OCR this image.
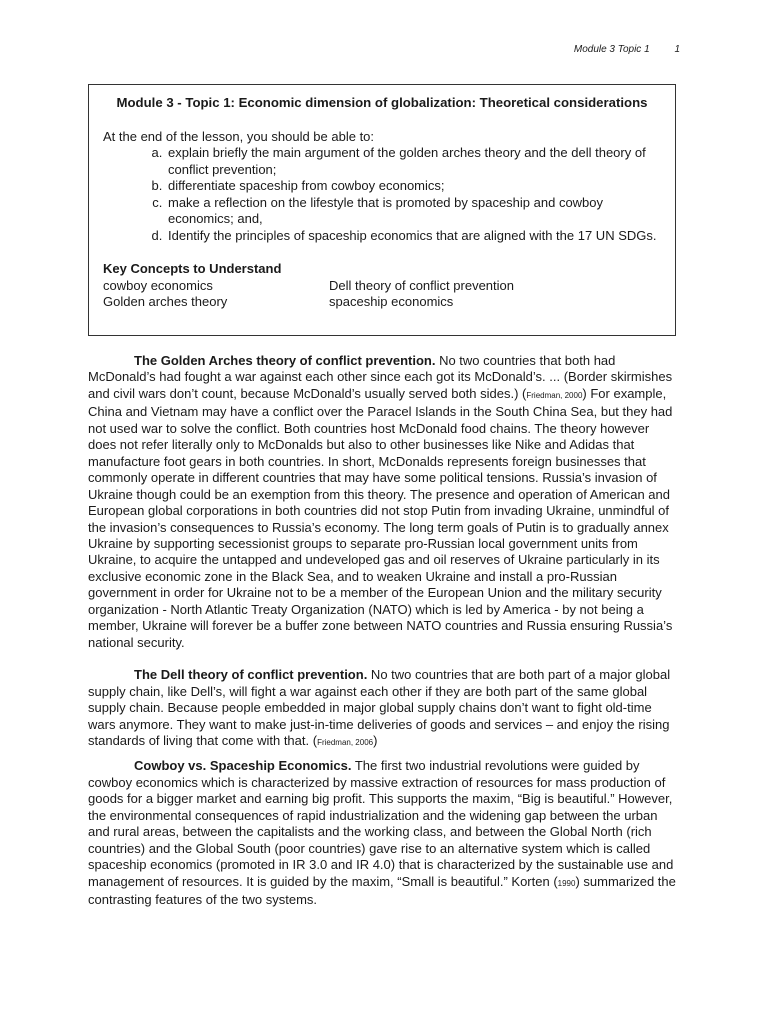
Module 3 Topic 1 1
Module 3 - Topic 1: Economic dimension of globalization: Theoretical considerations
At the end of the lesson, you should be able to:
a. explain briefly the main argument of the golden arches theory and the dell theory of conflict prevention;
b. differentiate spaceship from cowboy economics;
c. make a reflection on the lifestyle that is promoted by spaceship and cowboy economics; and,
d. Identify the principles of spaceship economics that are aligned with the 17 UN SDGs.
Key Concepts to Understand
cowboy economics	Dell theory of conflict prevention
Golden arches theory	spaceship economics

The Golden Arches theory of conflict prevention. No two countries that both had McDonald’s had fought a war against each other since each got its McDonald’s. ... (Border skirmishes and civil wars don’t count, because McDonald’s usually served both sides.) (Friedman, 2000) For example, China and Vietnam may have a conflict over the Paracel Islands in the South China Sea, but they had not used war to solve the conflict. Both countries host McDonald food chains. The theory however does not refer literally only to McDonalds but also to other businesses like Nike and Adidas that manufacture foot gears in both countries. In short, McDonalds represents foreign businesses that commonly operate in different countries that may have some political tensions. Russia’s invasion of Ukraine though could be an exemption from this theory. The presence and operation of American and European global corporations in both countries did not stop Putin from invading Ukraine, unmindful of the invasion’s consequences to Russia’s economy. The long term goals of Putin is to gradually annex Ukraine by supporting secessionist groups to separate pro-Russian local government units from Ukraine, to acquire the untapped and undeveloped gas and oil reserves of Ukraine particularly in its exclusive economic zone in the Black Sea, and to weaken Ukraine and install a pro-Russian government in order for Ukraine not to be a member of the European Union and the military security organization - North Atlantic Treaty Organization (NATO) which is led by America - by not being a member, Ukraine will forever be a buffer zone between NATO countries and Russia ensuring Russia’s national security.

The Dell theory of conflict prevention. No two countries that are both part of a major global supply chain, like Dell’s, will fight a war against each other if they are both part of the same global supply chain. Because people embedded in major global supply chains don’t want to fight old-time wars anymore. They want to make just-in-time deliveries of goods and services – and enjoy the rising standards of living that come with that. (Friedman, 2006)

Cowboy vs. Spaceship Economics. The first two industrial revolutions were guided by cowboy economics which is characterized by massive extraction of resources for mass production of goods for a bigger market and earning big profit. This supports the maxim, “Big is beautiful.” However, the environmental consequences of rapid industrialization and the widening gap between the urban and rural areas, between the capitalists and the working class, and between the Global North (rich countries) and the Global South (poor countries) gave rise to an alternative system which is called spaceship economics (promoted in IR 3.0 and IR 4.0) that is characterized by the sustainable use and management of resources. It is guided by the maxim, “Small is beautiful.” Korten (1990) summarized the contrasting features of the two systems.
